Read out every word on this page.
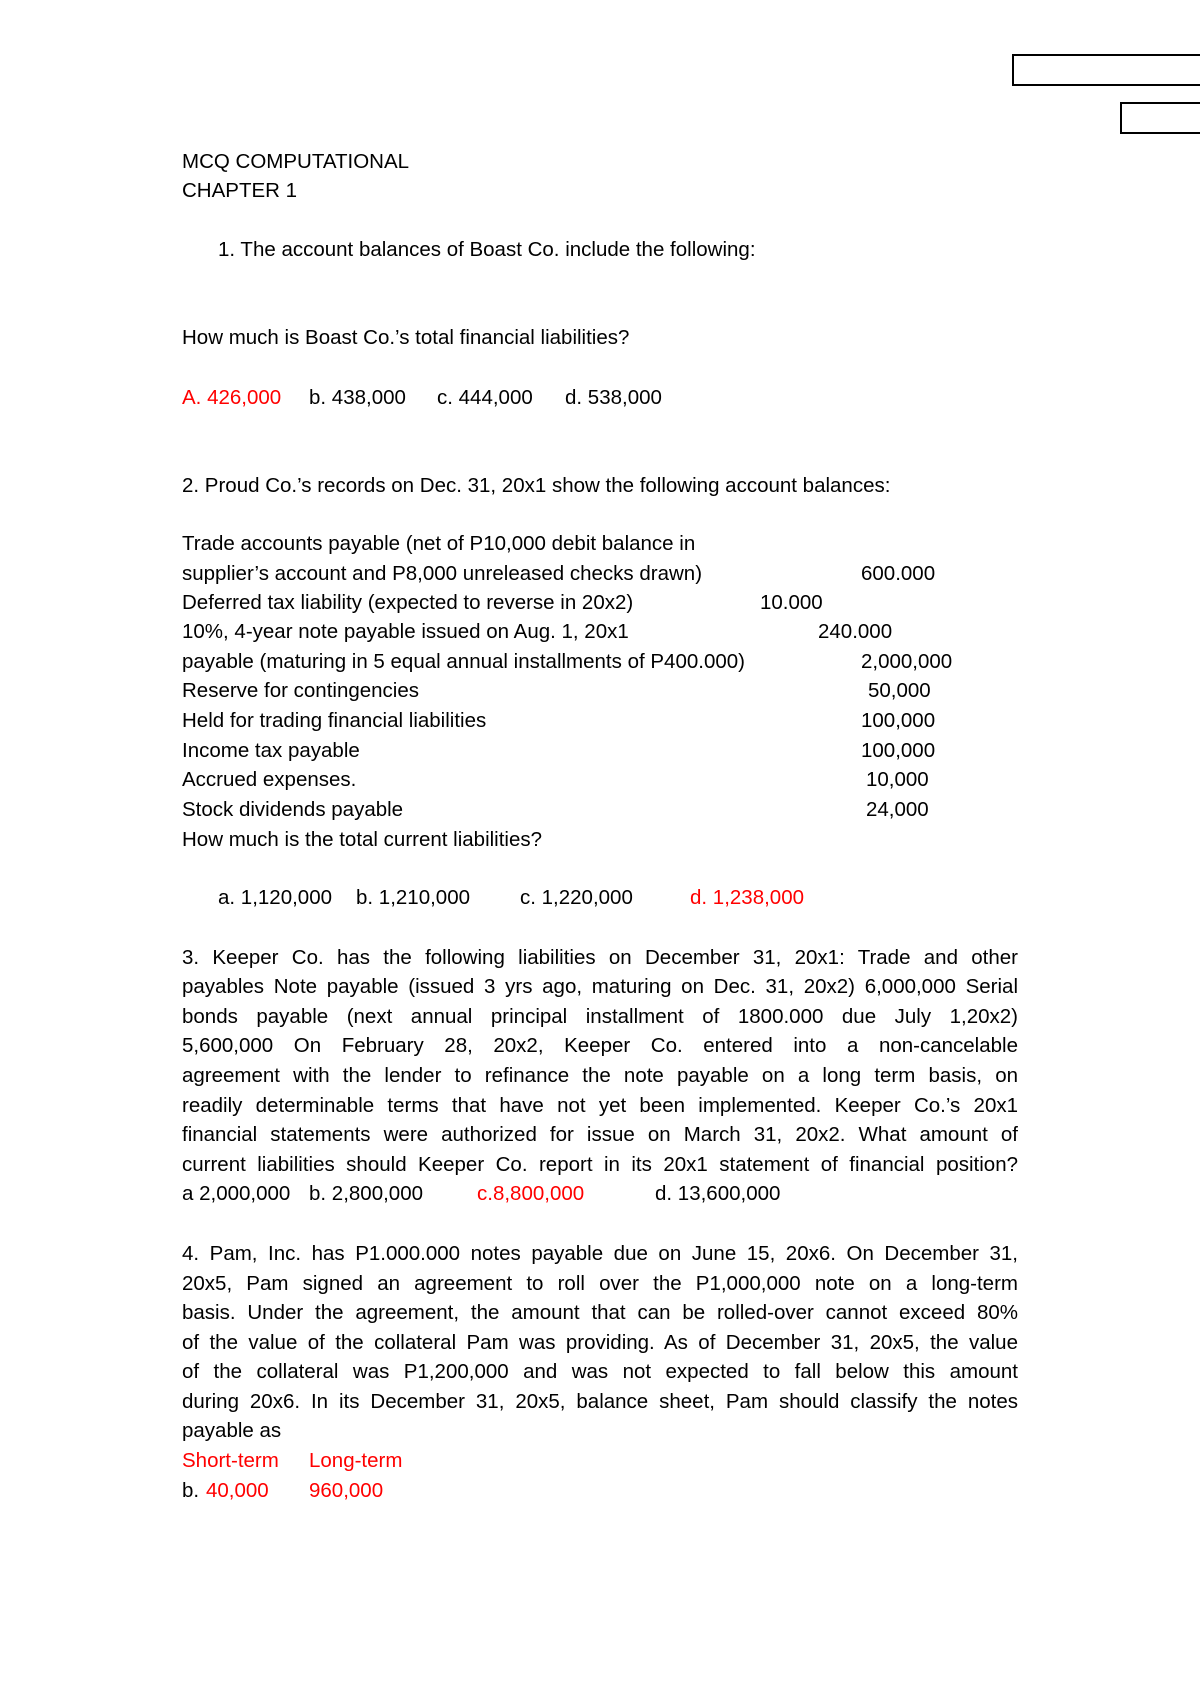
MCQ COMPUTATIONAL
CHAPTER 1
1. The account balances of Boast Co. include the following:
How much is Boast Co.’s total financial liabilities?
A. 426,000 b. 438,000 c. 444,000 d. 538,000
2. Proud Co.’s records on Dec. 31, 20x1 show the following account balances:
Trade accounts payable (net of P10,000 debit balance in
supplier’s account and P8,000 unreleased checks drawn)	600.000
Deferred tax liability (expected to reverse in 20x2)	10.000
10%, 4-year note payable issued on Aug. 1, 20x1	240.000
payable (maturing in 5 equal annual installments of P400.000)	2,000,000
Reserve for contingencies	50,000
Held for trading financial liabilities	100,000
Income tax payable	100,000
Accrued expenses.	10,000
Stock dividends payable	24,000
How much is the total current liabilities?
a. 1,120,000 b. 1,210,000 c. 1,220,000	d. 1,238,000
3. Keeper Co. has the following liabilities on December 31, 20x1: Trade and other
payables Note payable (issued 3 yrs ago, maturing on Dec. 31, 20x2) 6,000,000 Serial
bonds payable (next annual principal installment of 1800.000 due July 1,20x2)
5,600,000 On February 28, 20x2, Keeper Co. entered into a non-cancelable
agreement with the lender to refinance the note payable on a long term basis, on
readily determinable terms that have not yet been implemented. Keeper Co.’s 20x1
financial statements were authorized for issue on March 31, 20x2. What amount of
current liabilities should Keeper Co. report in its 20x1 statement of financial position?
a 2,000,000 b. 2,800,000	c.8,800,000	d. 13,600,000
4. Pam, Inc. has P1.000.000 notes payable due on June 15, 20x6. On December 31,
20x5, Pam signed an agreement to roll over the P1,000,000 note on a long-term
basis. Under the agreement, the amount that can be rolled-over cannot exceed 80%
of the value of the collateral Pam was providing. As of December 31, 20x5, the value
of the collateral was P1,200,000 and was not expected to fall below this amount
during 20x6. In its December 31, 20x5, balance sheet, Pam should classify the notes
payable as
Short-term Long-term
b. 40,000 960,000
